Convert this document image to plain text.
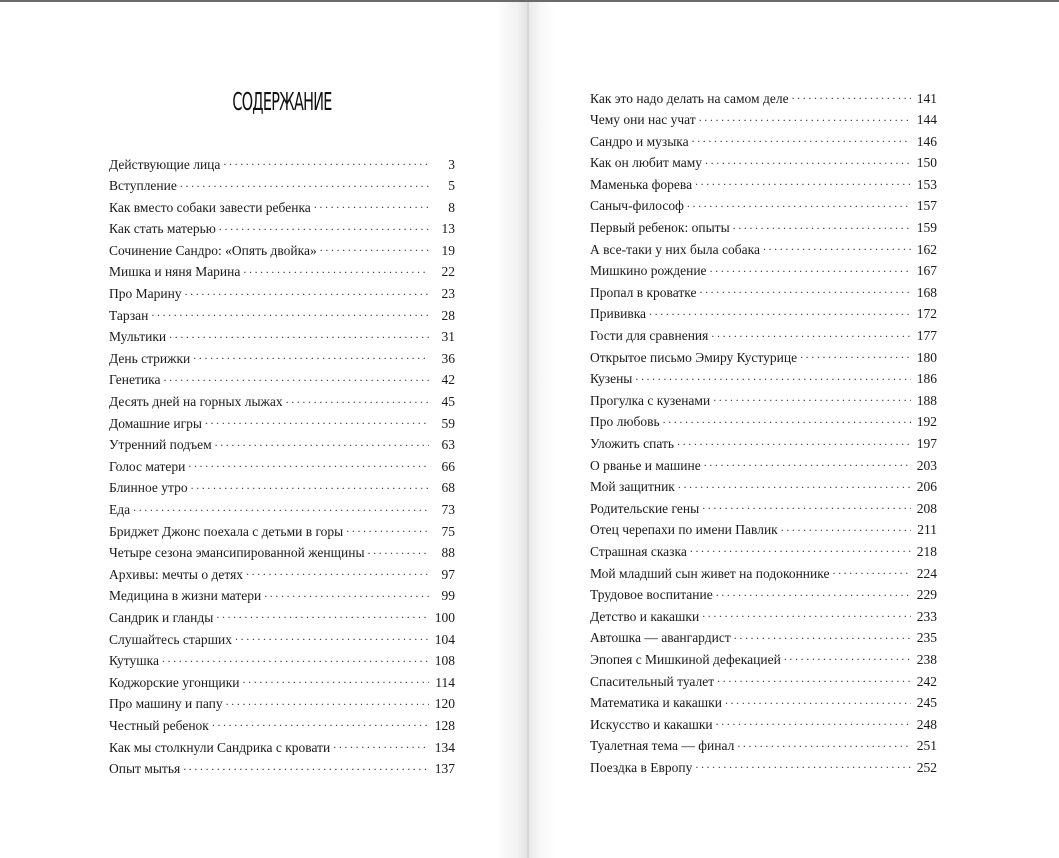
СОДЕРЖАНИЕ
Действующие лица . . .	3
Вступление . . .	5
Как вместо собаки завести ребенка . . .	8
Как стать матерью . . .	13
Сочинение Сандро: «Опять двойка» . . .	19
Мишка и няня Марина . . .	22
Про Марину . . .	23
Тарзан . . .	28
Мультики . . .	31
День стрижки . . .	36
Генетика . . .	42
Десять дней на горных лыжах . . .	45
Домашние игры . . .	59
Утренний подъем . . .	63
Голос матери . . .	66
Блинное утро . . .	68
Еда . . .	73
Бриджет Джонс поехала с детьми в горы . . .	75
Четыре сезона эмансипированной женщины . . .	88
Архивы: мечты о детях . . .	97
Медицина в жизни матери . . .	99
Сандрик и гланды . . .	100
Слушайтесь старших . . .	104
Кутушка . . .	108
Коджорские угонщики . . .	114
Про машину и папу . . .	120
Честный ребенок . . .	128
Как мы столкнули Сандрика с кровати . . .	134
Опыт мытья . . .	137
Как это надо делать на самом деле . . .	141
Чему они нас учат . . .	144
Сандро и музыка . . .	146
Как он любит маму . . .	150
Маменька форева . . .	153
Саныч-философ . . .	157
Первый ребенок: опыты . . .	159
А все-таки у них была собака . . .	162
Мишкино рождение . . .	167
Пропал в кроватке . . .	168
Прививка . . .	172
Гости для сравнения . . .	177
Открытое письмо Эмиру Кустурице . . .	180
Кузены . . .	186
Прогулка с кузенами . . .	188
Про любовь . . .	192
Уложить спать . . .	197
О рванье и машине . . .	203
Мой защитник . . .	206
Родительские гены . . .	208
Отец черепахи по имени Павлик . . .	211
Страшная сказка . . .	218
Мой младший сын живет на подоконнике . . .	224
Трудовое воспитание . . .	229
Детство и какашки . . .	233
Автошка — авангардист . . .	235
Эпопея с Мишкиной дефекацией . . .	238
Спасительный туалет . . .	242
Математика и какашки . . .	245
Искусство и какашки . . .	248
Туалетная тема — финал . . .	251
Поездка в Европу . . .	252
